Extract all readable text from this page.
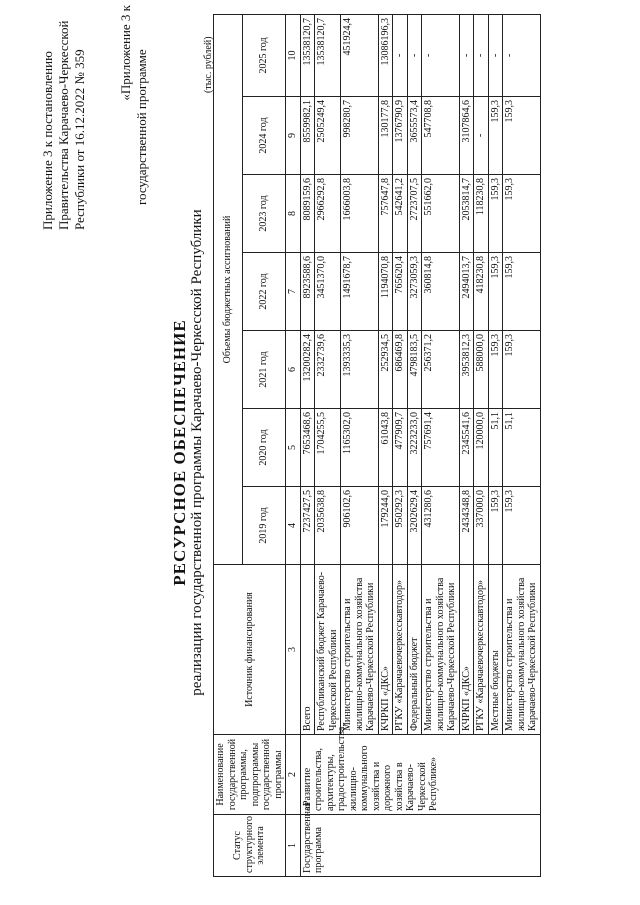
Приложение 3 к постановлению Правительства Карачаево-Черкесской Республики от 16.12.2022 № 359 «Приложение 3 к государственной программе
РЕСУРСНОЕ ОБЕСПЕЧЕНИЕ реализации государственной программы Карачаево-Черкесской Республики
(тыс. рублей)
Статус структурного элемента	Наименование государственной программы, подпрограммы государственной программы	Источник финансирования	Объемы бюджетных ассигнований						
			2019 год	2020 год	2021 год	2022 год	2023 год	2024 год	2025 год
1	2	3	4	5	6	7	8	9	10
Государственная программа	«Развитие строительства, архитектуры, градостроительства, жилищно-коммунального хозяйства и дорожного хозяйства в Карачаево-Черкесской Республике»	Всего	7237427,5	7653468,6	13200282,4	8923588,6	8089159,6	8559982,1	13538120,7
		Республиканский бюджет Карачаево-Черкесской Республики	2035638,8	1704255,5	2332739,6	3451370,0	2966292,8	2505249,4	13538120,7
		Министерство строительства и жилищно-коммунального хозяйства Карачаево-Черкесской Республики	906102,6	1165302,0	1393335,3	1491678,7	1666003,8	998280,7	451924,4
		КЧРКП «ДКС»	179244,0	61043,8	252934,5	1194070,8	757647,8	130177,8	13086196,3
		РГКУ «Карачаевочеркесскавтодор»	950292,3	477909,7	686469,8	765620,4	542641,2	1376790,9	-
		Федеральный бюджет	3202629,4	3223233,0	4798183,5	3273059,3	2723707,5	3655573,4	-
		Министерство строительства и жилищно-коммунального хозяйства Карачаево-Черкесской Республики	431280,6	757691,4	256371,2	360814,8	551662,0	547708,8	-
		КЧРКП «ДКС»	2434348,8	2345541,6	3953812,3	2494013,7	2053814,7	3107864,6	-
		РГКУ «Карачаевочеркесскавтодор»	337000,0	120000,0	588000,0	418230,8	118230,8	-	-
		Местные бюджеты	159,3	51,1	159,3	159,3	159,3	159,3	-
		Министерство строительства и жилищно-коммунального хозяйства Карачаево-Черкесской Республики	159,3	51,1	159,3	159,3	159,3	159,3	-
